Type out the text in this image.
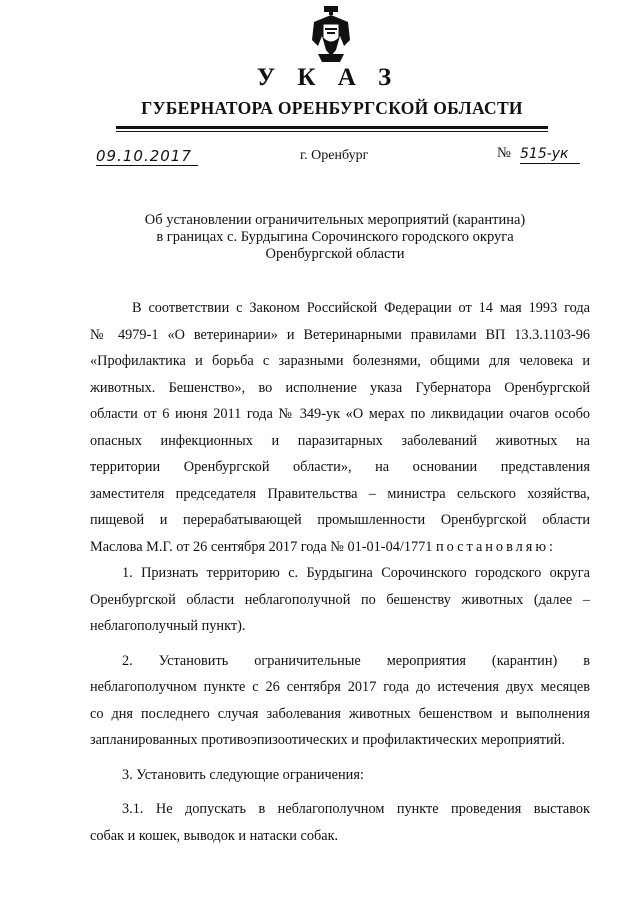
У К А З
ГУБЕРНАТОРА ОРЕНБУРГСКОЙ ОБЛАСТИ
09.10.2017	г. Оренбург	№ 515-ук
Об установлении ограничительных мероприятий (карантина)
в границах с. Бурдыгина Сорочинского городского округа
Оренбургской области
В соответствии с Законом Российской Федерации от 14 мая 1993 года
№ 4979-1 «О ветеринарии» и Ветеринарными правилами ВП 13.3.1103-96
«Профилактика и борьба с заразными болезнями, общими для человека и
животных. Бешенство», во исполнение указа Губернатора Оренбургской
области от 6 июня 2011 года № 349-ук «О мерах по ликвидации очагов особо
опасных инфекционных и паразитарных заболеваний животных на
территории Оренбургской области», на основании представления
заместителя председателя Правительства – министра сельского хозяйства,
пищевой и перерабатывающей промышленности Оренбургской области
Маслова М.Г. от 26 сентября 2017 года № 01-01-04/1771 постановляю:
1. Признать территорию с. Бурдыгина Сорочинского городского округа
Оренбургской области неблагополучной по бешенству животных (далее –
неблагополучный пункт).
2. Установить ограничительные мероприятия (карантин) в
неблагополучном пункте с 26 сентября 2017 года до истечения двух месяцев
со дня последнего случая заболевания животных бешенством и выполнения
запланированных противоэпизоотических и профилактических мероприятий.
3. Установить следующие ограничения:
3.1. Не допускать в неблагополучном пункте проведения выставок
собак и кошек, выводок и натаски собак.
